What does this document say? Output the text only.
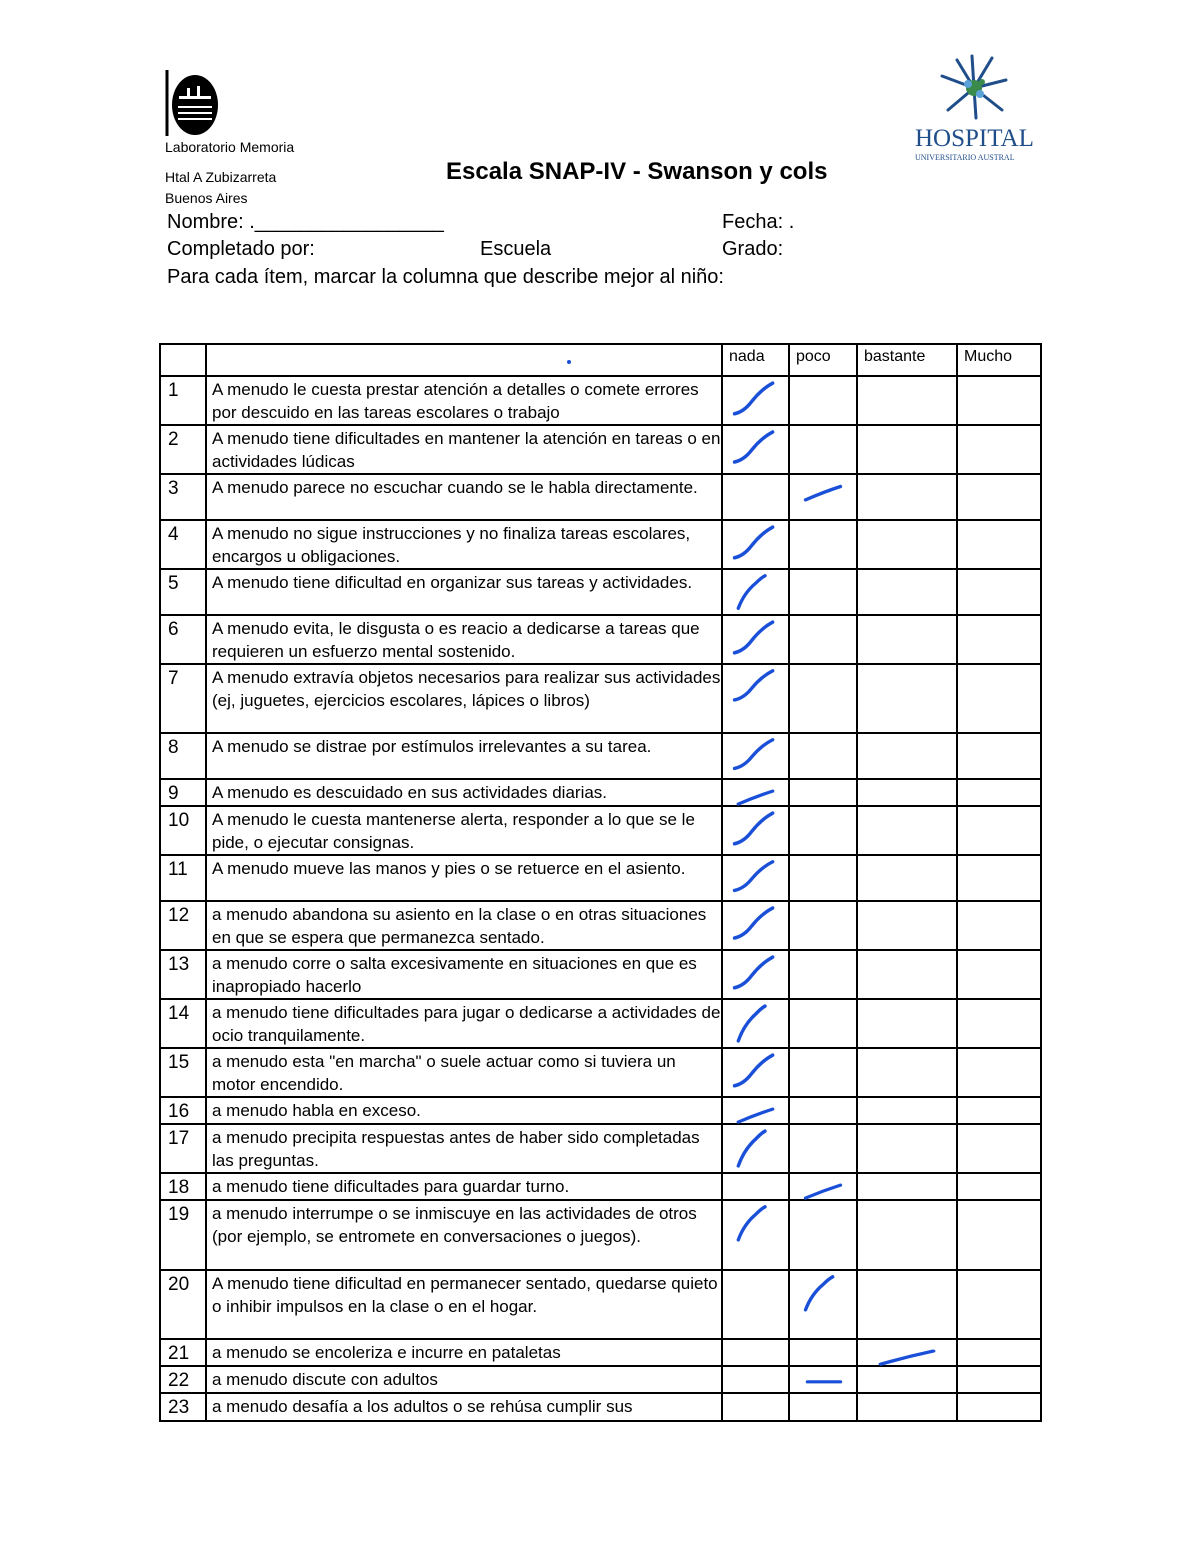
Laboratorio Memoria
Htal A Zubizarreta
Buenos Aires
HOSPITAL
UNIVERSITARIO AUSTRAL
Escala SNAP-IV - Swanson y cols
Nombre: ._________________	Fecha: .
Completado por:	Escuela	Grado:
Para cada ítem, marcar la columna que describe mejor al niño:
		nada	poco	bastante	Mucho
1	A menudo le cuesta prestar atención a detalles o comete errores por descuido en las tareas escolares o trabajo	

2	A menudo tiene dificultades en mantener la atención en tareas o en actividades lúdicas	

3	A menudo parece no escuchar cuando se le habla directamente.		

4	A menudo no sigue instrucciones y no finaliza tareas escolares, encargos u obligaciones.	

5	A menudo tiene dificultad en organizar sus tareas y actividades.	

6	A menudo evita, le disgusta o es reacio a dedicarse a tareas que requieren un esfuerzo mental sostenido.	

7	A menudo extravía objetos necesarios para realizar sus actividades (ej, juguetes, ejercicios escolares, lápices o libros)	

8	A menudo se distrae por estímulos irrelevantes a su tarea.	

9	A menudo es descuidado en sus actividades diarias.	

10	A menudo le cuesta mantenerse alerta, responder a lo que se le pide, o ejecutar consignas.	

11	A menudo mueve las manos y pies o se retuerce en el asiento.	

12	a menudo abandona su asiento en la clase o en otras situaciones en que se espera que permanezca sentado.	

13	a menudo corre o salta excesivamente en situaciones en que es inapropiado hacerlo	

14	a menudo tiene dificultades para jugar o dedicarse a actividades de ocio tranquilamente.	

15	a menudo esta "en marcha" o suele actuar como si tuviera un motor encendido.	

16	a menudo habla en exceso.	

17	a menudo precipita respuestas antes de haber sido completadas las preguntas.	

18	a menudo tiene dificultades para guardar turno.		

19	a menudo interrumpe o se inmiscuye en las actividades de otros (por ejemplo, se entromete en conversaciones o juegos).	

20	A menudo tiene dificultad en permanecer sentado, quedarse quieto o inhibir impulsos en la clase o en el hogar.		

21	a menudo se encoleriza e incurre en pataletas			

22	a menudo discute con adultos		

23	a menudo desafía a los adultos o se rehúsa cumplir sus				
